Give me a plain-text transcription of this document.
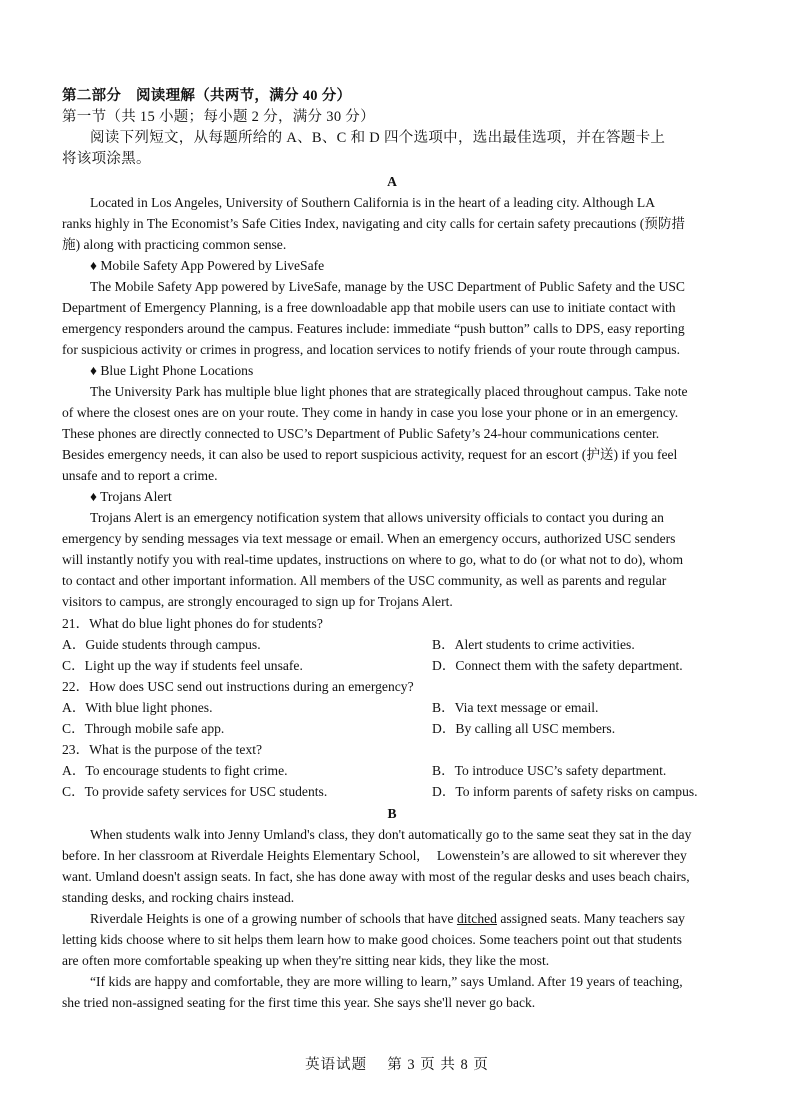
第二部分　阅读理解（共两节，满分 40 分）
第一节（共 15 小题；每小题 2 分，满分 30 分）
阅读下列短文，从每题所给的 A、B、C 和 D 四个选项中，选出最佳选项，并在答题卡上
将该项涂黑。
A
Located in Los Angeles, University of Southern California is in the heart of a leading city. Although LA
ranks highly in The Economist’s Safe Cities Index, navigating and city calls for certain safety precautions (预防措
施) along with practicing common sense.
♦ Mobile Safety App Powered by LiveSafe
The Mobile Safety App powered by LiveSafe, manage by the USC Department of Public Safety and the USC
Department of Emergency Planning, is a free downloadable app that mobile users can use to initiate contact with
emergency responders around the campus. Features include: immediate “push button” calls to DPS, easy reporting
for suspicious activity or crimes in progress, and location services to notify friends of your route through campus.
♦ Blue Light Phone Locations
The University Park has multiple blue light phones that are strategically placed throughout campus. Take note
of where the closest ones are on your route. They come in handy in case you lose your phone or in an emergency.
These phones are directly connected to USC’s Department of Public Safety’s 24-hour communications center.
Besides emergency needs, it can also be used to report suspicious activity, request for an escort (护送) if you feel
unsafe and to report a crime.
♦ Trojans Alert
Trojans Alert is an emergency notification system that allows university officials to contact you during an
emergency by sending messages via text message or email. When an emergency occurs, authorized USC senders
will instantly notify you with real-time updates, instructions on where to go, what to do (or what not to do), whom
to contact and other important information. All members of the USC community, as well as parents and regular
visitors to campus, are strongly encouraged to sign up for Trojans Alert.
21．What do blue light phones do for students?
A．Guide students through campus.	B．Alert students to crime activities.
C．Light up the way if students feel unsafe.	D．Connect them with the safety department.
22．How does USC send out instructions during an emergency?
A．With blue light phones.	B．Via text message or email.
C．Through mobile safe app.	D．By calling all USC members.
23．What is the purpose of the text?
A．To encourage students to fight crime.	B．To introduce USC’s safety department.
C．To provide safety services for USC students.	D．To inform parents of safety risks on campus.
B
When students walk into Jenny Umland's class, they don't automatically go to the same seat they sat in the day
before. In her classroom at Riverdale Heights Elementary School,　 Lowenstein’s are allowed to sit wherever they
want. Umland doesn't assign seats. In fact, she has done away with most of the regular desks and uses beach chairs,
standing desks, and rocking chairs instead.
Riverdale Heights is one of a growing number of schools that have ditched assigned seats. Many teachers say
letting kids choose where to sit helps them learn how to make good choices. Some teachers point out that students
are often more comfortable speaking up when they're sitting near kids, they like the most.
“If kids are happy and comfortable, they are more willing to learn,” says Umland. After 19 years of teaching,
she tried non-assigned seating for the first time this year. She says she'll never go back.
英语试题　 第 3 页 共 8 页
